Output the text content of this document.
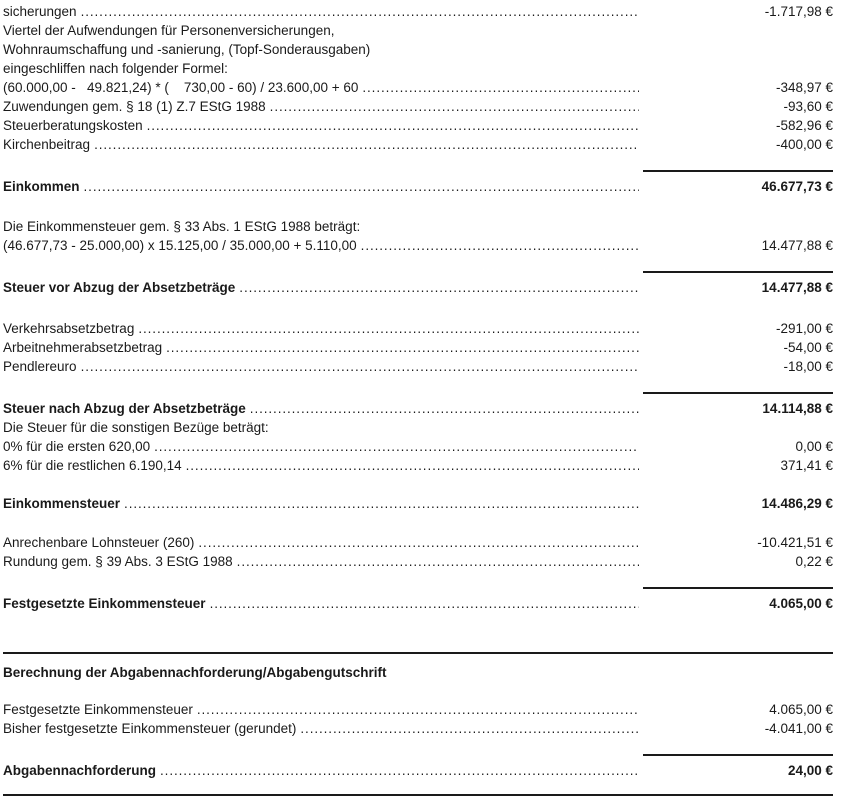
sicherungen .....	-1.717,98 €
Viertel der Aufwendungen für Personenversicherungen,
Wohnraumschaffung und -sanierung, (Topf-Sonderausgaben)
eingeschliffen nach folgender Formel:
(60.000,00 -   49.821,24) * (    730,00 - 60) / 23.600,00 + 60 .....	-348,97 €
Zuwendungen gem. § 18 (1) Z.7 EStG 1988 .....	-93,60 €
Steuerberatungskosten .....	-582,96 €
Kirchenbeitrag .....	-400,00 €
Einkommen .....	46.677,73 €
Die Einkommensteuer gem. § 33 Abs. 1 EStG 1988 beträgt:
(46.677,73 - 25.000,00) x 15.125,00 / 35.000,00 + 5.110,00 .....	14.477,88 €
Steuer vor Abzug der Absetzbeträge .....	14.477,88 €
Verkehrsabsetzbetrag .....	-291,00 €
Arbeitnehmerabsetzbetrag .....	-54,00 €
Pendlereuro .....	-18,00 €
Steuer nach Abzug der Absetzbeträge .....	14.114,88 €
Die Steuer für die sonstigen Bezüge beträgt:
0% für die ersten 620,00 .....	0,00 €
6% für die restlichen 6.190,14 .....	371,41 €
Einkommensteuer .....	14.486,29 €
Anrechenbare Lohnsteuer (260) .....	-10.421,51 €
Rundung gem. § 39 Abs. 3 EStG 1988 .....	0,22 €
Festgesetzte Einkommensteuer .....	4.065,00 €
Berechnung der Abgabennachforderung/Abgabengutschrift
Festgesetzte Einkommensteuer .....	4.065,00 €
Bisher festgesetzte Einkommensteuer (gerundet) .....	-4.041,00 €
Abgabennachforderung .....	24,00 €
